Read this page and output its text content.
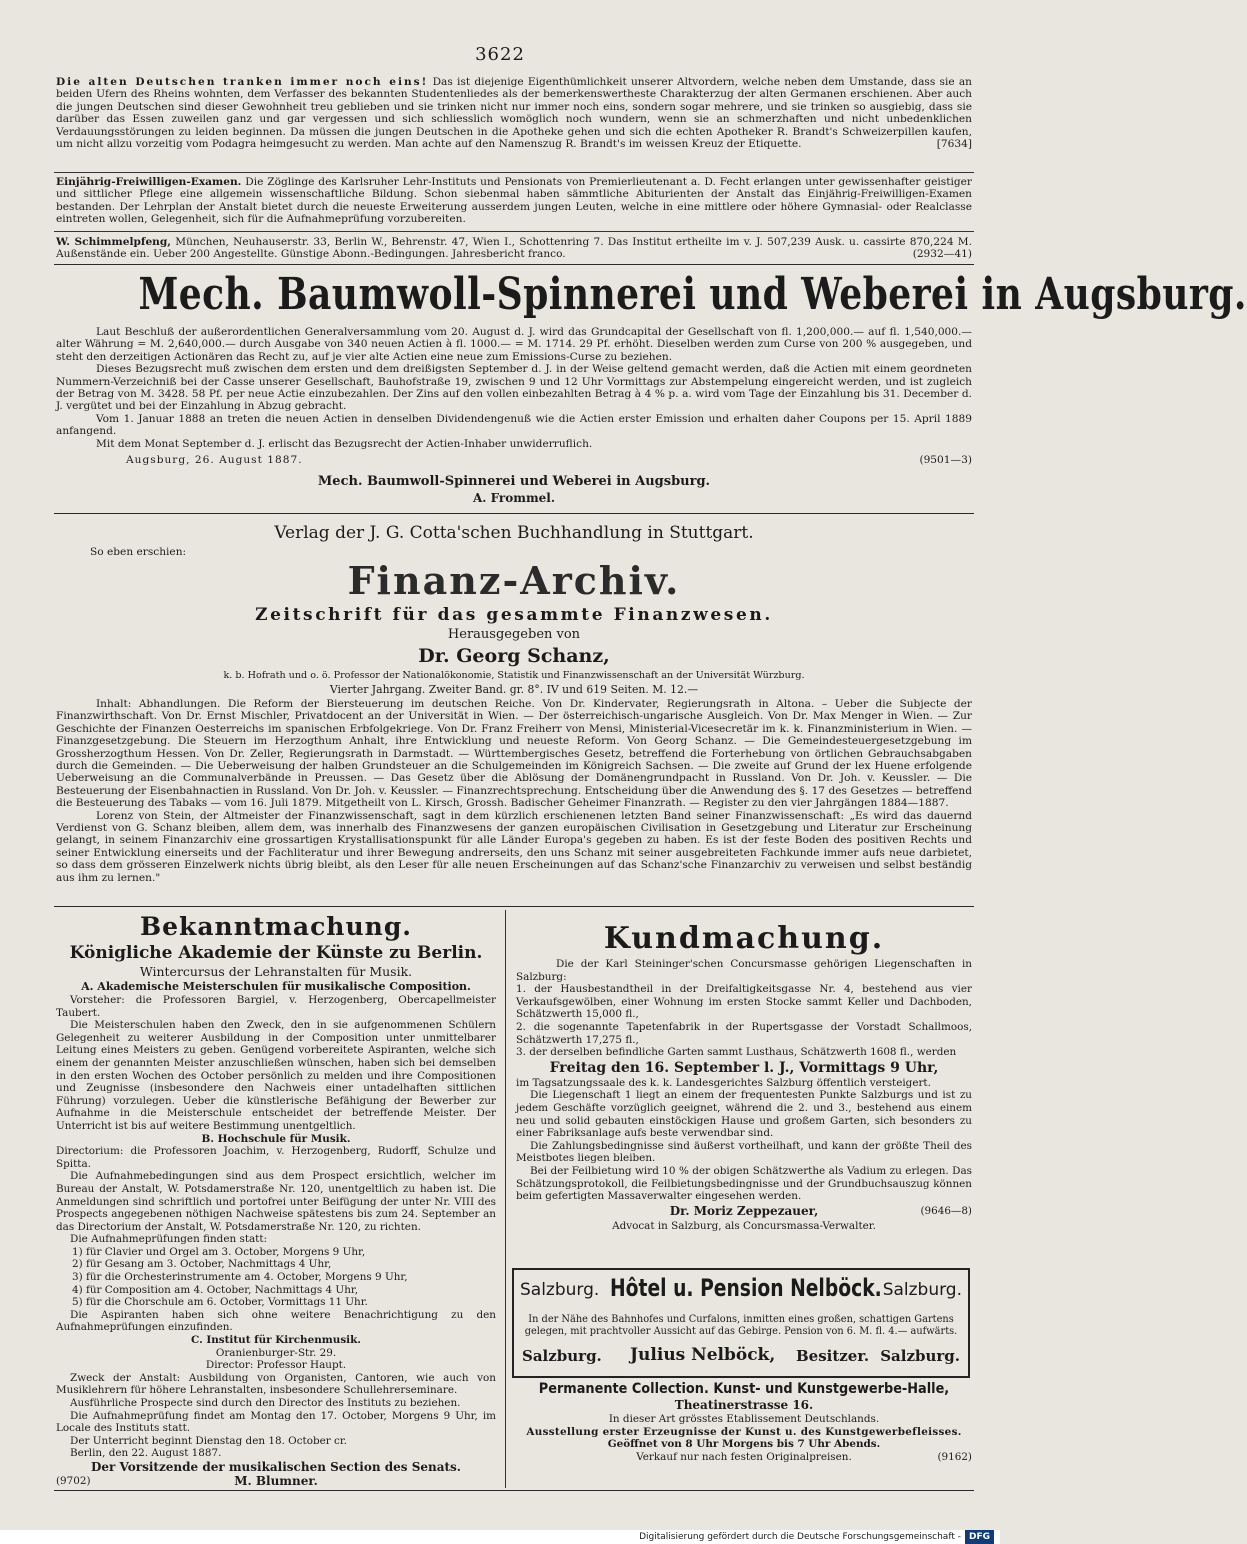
3622

Die alten Deutschen tranken immer noch eins! Das ist diejenige Eigenthümlichkeit unserer Altvordern, welche neben dem Umstande, dass sie an beiden Ufern des Rheins wohnten, dem Verfasser des bekannten Studentenliedes als der bemerkenswertheste Charakterzug der alten Germanen erschienen. Aber auch die jungen Deutschen sind dieser Gewohnheit treu geblieben und sie trinken nicht nur immer noch eins, sondern sogar mehrere, und sie trinken so ausgiebig, dass sie darüber das Essen zuweilen ganz und gar vergessen und sich schliesslich womöglich noch wundern, wenn sie an schmerzhaften und nicht unbedenklichen Verdauungsstörungen zu leiden beginnen. Da müssen die jungen Deutschen in die Apotheke gehen und sich die echten Apotheker R. Brandt's Schweizerpillen kaufen, um nicht allzu vorzeitig vom Podagra heimgesucht zu werden. Man achte auf den Namenszug R. Brandt's im weissen Kreuz der Etiquette.	[7634]

Einjährig-Freiwilligen-Examen. Die Zöglinge des Karlsruher Lehr-Instituts und Pensionats von Premierlieutenant a. D. Fecht erlangen unter gewissenhafter geistiger und sittlicher Pflege eine allgemein wissenschaftliche Bildung. Schon siebenmal haben sämmtliche Abiturienten der Anstalt das Einjährig-Freiwilligen-Examen bestanden. Der Lehrplan der Anstalt bietet durch die neueste Erweiterung ausserdem jungen Leuten, welche in eine mittlere oder höhere Gymnasial- oder Realclasse eintreten wollen, Gelegenheit, sich für die Aufnahmeprüfung vorzubereiten.

W. Schimmelpfeng, München, Neuhauserstr. 33, Berlin W., Behrenstr. 47, Wien I., Schottenring 7. Das Institut ertheilte im v. J. 507,239 Ausk. u. cassirte 870,224 M. Außenstände ein. Ueber 200 Angestellte. Günstige Abonn.-Bedingungen. Jahresbericht franco.	(2932—41)

Mech. Baumwoll-Spinnerei und Weberei in Augsburg.

Laut Beschluß der außerordentlichen Generalversammlung vom 20. August d. J. wird das Grundcapital der Gesellschaft von fl. 1,200,000.— auf fl. 1,540,000.— alter Währung = M. 2,640,000.— durch Ausgabe von 340 neuen Actien à fl. 1000.— = M. 1714. 29 Pf. erhöht. Dieselben werden zum Curse von 200 % ausgegeben, und steht den derzeitigen Actionären das Recht zu, auf je vier alte Actien eine neue zum Emissions-Curse zu beziehen.

Dieses Bezugsrecht muß zwischen dem ersten und dem dreißigsten September d. J. in der Weise geltend gemacht werden, daß die Actien mit einem geordneten Nummern-Verzeichniß bei der Casse unserer Gesellschaft, Bauhofstraße 19, zwischen 9 und 12 Uhr Vormittags zur Abstempelung eingereicht werden, und ist zugleich der Betrag von M. 3428. 58 Pf. per neue Actie einzubezahlen. Der Zins auf den vollen einbezahlten Betrag à 4 % p. a. wird vom Tage der Einzahlung bis 31. December d. J. vergütet und bei der Einzahlung in Abzug gebracht.

Vom 1. Januar 1888 an treten die neuen Actien in denselben Dividendengenuß wie die Actien erster Emission und erhalten daher Coupons per 15. April 1889 anfangend.

Mit dem Monat September d. J. erlischt das Bezugsrecht der Actien-Inhaber unwiderruflich.

Augsburg, 26. August 1887.	(9501—3)

Mech. Baumwoll-Spinnerei und Weberei in Augsburg.
A. Frommel.
Verlag der J. G. Cotta'schen Buchhandlung in Stuttgart.
So eben erschien:
Finanz-Archiv.
Zeitschrift für das gesammte Finanzwesen.
Herausgegeben von
Dr. Georg Schanz,
k. b. Hofrath und o. ö. Professor der Nationalökonomie, Statistik und Finanzwissenschaft an der Universität Würzburg.
Vierter Jahrgang. Zweiter Band. gr. 8°. IV und 619 Seiten. M. 12.—

Inhalt: Abhandlungen. Die Reform der Biersteuerung im deutschen Reiche. Von Dr. Kindervater, Regierungsrath in Altona. – Ueber die Subjecte der Finanzwirthschaft. Von Dr. Ernst Mischler, Privatdocent an der Universität in Wien. — Der österreichisch-ungarische Ausgleich. Von Dr. Max Menger in Wien. — Zur Geschichte der Finanzen Oesterreichs im spanischen Erbfolgekriege. Von Dr. Franz Freiherr von Mensi, Ministerial-Vicesecretär im k. k. Finanzministerium in Wien. — Finanzgesetzgebung. Die Steuern im Herzogthum Anhalt, ihre Entwicklung und neueste Reform. Von Georg Schanz. — Die Gemeindesteuergesetzgebung im Grossherzogthum Hessen. Von Dr. Zeller, Regierungsrath in Darmstadt. — Württembergisches Gesetz, betreffend die Forterhebung von örtlichen Gebrauchsabgaben durch die Gemeinden. — Die Ueberweisung der halben Grundsteuer an die Schulgemeinden im Königreich Sachsen. — Die zweite auf Grund der lex Huene erfolgende Ueberweisung an die Communalverbände in Preussen. — Das Gesetz über die Ablösung der Domänengrundpacht in Russland. Von Dr. Joh. v. Keussler. — Die Besteuerung der Eisenbahnactien in Russland. Von Dr. Joh. v. Keussler. — Finanzrechtsprechung. Entscheidung über die Anwendung des §. 17 des Gesetzes — betreffend die Besteuerung des Tabaks — vom 16. Juli 1879. Mitgetheilt von L. Kirsch, Grossh. Badischer Geheimer Finanzrath. — Register zu den vier Jahrgängen 1884—1887.

Lorenz von Stein, der Altmeister der Finanzwissenschaft, sagt in dem kürzlich erschienenen letzten Band seiner Finanzwissenschaft: „Es wird das dauernd Verdienst von G. Schanz bleiben, allem dem, was innerhalb des Finanzwesens der ganzen europäischen Civilisation in Gesetzgebung und Literatur zur Erscheinung gelangt, in seinem Finanzarchiv eine grossartigen Krystallisationspunkt für alle Länder Europa's gegeben zu haben. Es ist der feste Boden des positiven Rechts und seiner Entwicklung einerseits und der Fachliteratur und ihrer Bewegung andrerseits, den uns Schanz mit seiner ausgebreiteten Fachkunde immer aufs neue darbietet, so dass dem grösseren Einzelwerk nichts übrig bleibt, als den Leser für alle neuen Erscheinungen auf das Schanz'sche Finanzarchiv zu verweisen und selbst beständig aus ihm zu lernen."

Bekanntmachung.
Königliche Akademie der Künste zu Berlin.
Wintercursus der Lehranstalten für Musik.
A. Akademische Meisterschulen für musikalische Composition.

Vorsteher: die Professoren Bargiel, v. Herzogenberg, Obercapellmeister Taubert.

Die Meisterschulen haben den Zweck, den in sie aufgenommenen Schülern Gelegenheit zu weiterer Ausbildung in der Composition unter unmittelbarer Leitung eines Meisters zu geben. Genügend vorbereitete Aspiranten, welche sich einem der genannten Meister anzuschließen wünschen, haben sich bei demselben in den ersten Wochen des October persönlich zu melden und ihre Compositionen und Zeugnisse (insbesondere den Nachweis einer untadelhaften sittlichen Führung) vorzulegen. Ueber die künstlerische Befähigung der Bewerber zur Aufnahme in die Meisterschule entscheidet der betreffende Meister. Der Unterricht ist bis auf weitere Bestimmung unentgeltlich.

B. Hochschule für Musik.

Directorium: die Professoren Joachim, v. Herzogenberg, Rudorff, Schulze und Spitta.

Die Aufnahmebedingungen sind aus dem Prospect ersichtlich, welcher im Bureau der Anstalt, W. Potsdamerstraße Nr. 120, unentgeltlich zu haben ist. Die Anmeldungen sind schriftlich und portofrei unter Beifügung der unter Nr. VIII des Prospects angegebenen nöthigen Nachweise spätestens bis zum 24. September an das Directorium der Anstalt, W. Potsdamerstraße Nr. 120, zu richten.

Die Aufnahmeprüfungen finden statt:

1) für Clavier und Orgel am 3. October, Morgens 9 Uhr,
2) für Gesang am 3. October, Nachmittags 4 Uhr,
3) für die Orchesterinstrumente am 4. October, Morgens 9 Uhr,
4) für Composition am 4. October, Nachmittags 4 Uhr,
5) für die Chorschule am 6. October, Vormittags 11 Uhr.

Die Aspiranten haben sich ohne weitere Benachrichtigung zu den Aufnahmeprüfungen einzufinden.

C. Institut für Kirchenmusik.
Oranienburger-Str. 29.
Director: Professor Haupt.

Zweck der Anstalt: Ausbildung von Organisten, Cantoren, wie auch von Musiklehrern für höhere Lehranstalten, insbesondere Schullehrerseminare.

Ausführliche Prospecte sind durch den Director des Instituts zu beziehen.

Die Aufnahmeprüfung findet am Montag den 17. October, Morgens 9 Uhr, im Locale des Instituts statt.

Der Unterricht beginnt Dienstag den 18. October cr.

Berlin, den 22. August 1887.

Der Vorsitzende der musikalischen Section des Senats.
(9702)	M. Blumner.
Kundmachung.

Die der Karl Steininger'schen Concursmasse gehörigen Liegenschaften in Salzburg:

1. der Hausbestandtheil in der Dreifaltigkeitsgasse Nr. 4, bestehend aus vier Verkaufsgewölben, einer Wohnung im ersten Stocke sammt Keller und Dachboden, Schätzwerth 15,000 fl.,

2. die sogenannte Tapetenfabrik in der Rupertsgasse der Vorstadt Schallmoos, Schätzwerth 17,275 fl.,

3. der derselben befindliche Garten sammt Lusthaus, Schätzwerth 1608 fl., werden

Freitag den 16. September l. J., Vormittags 9 Uhr,

im Tagsatzungssaale des k. k. Landesgerichtes Salzburg öffentlich versteigert.

Die Liegenschaft 1 liegt an einem der frequentesten Punkte Salzburgs und ist zu jedem Geschäfte vorzüglich geeignet, während die 2. und 3., bestehend aus einem neu und solid gebauten einstöckigen Hause und großem Garten, sich besonders zu einer Fabriksanlage aufs beste verwendbar sind.

Die Zahlungsbedingnisse sind äußerst vortheilhaft, und kann der größte Theil des Meistbotes liegen bleiben.

Bei der Feilbietung wird 10 % der obigen Schätzwerthe als Vadium zu erlegen. Das Schätzungsprotokoll, die Feilbietungsbedingnisse und der Grundbuchsauszug können beim gefertigten Massaverwalter eingesehen werden.

Dr. Moriz Zeppezauer,	(9646—8)
Advocat in Salzburg, als Concursmassa-Verwalter.
Salzburg. Hôtel u. Pension Nelböck. Salzburg.
In der Nähe des Bahnhofes und Curfalons, inmitten eines großen, schattigen Gartens gelegen, mit prachtvoller Aussicht auf das Gebirge. Pension von 6. M. fl. 4.— aufwärts.
Salzburg. Julius Nelböck, Besitzer. Salzburg.
Permanente Collection. Kunst- und Kunstgewerbe-Halle,
Theatinerstrasse 16.
In dieser Art grösstes Etablissement Deutschlands.
Ausstellung erster Erzeugnisse der Kunst u. des Kunstgewerbefleisses.
Geöffnet von 8 Uhr Morgens bis 7 Uhr Abends.
Verkauf nur nach festen Originalpreisen.	(9162)
Digitalisierung gefördert durch die Deutsche Forschungsgemeinschaft - DFG
